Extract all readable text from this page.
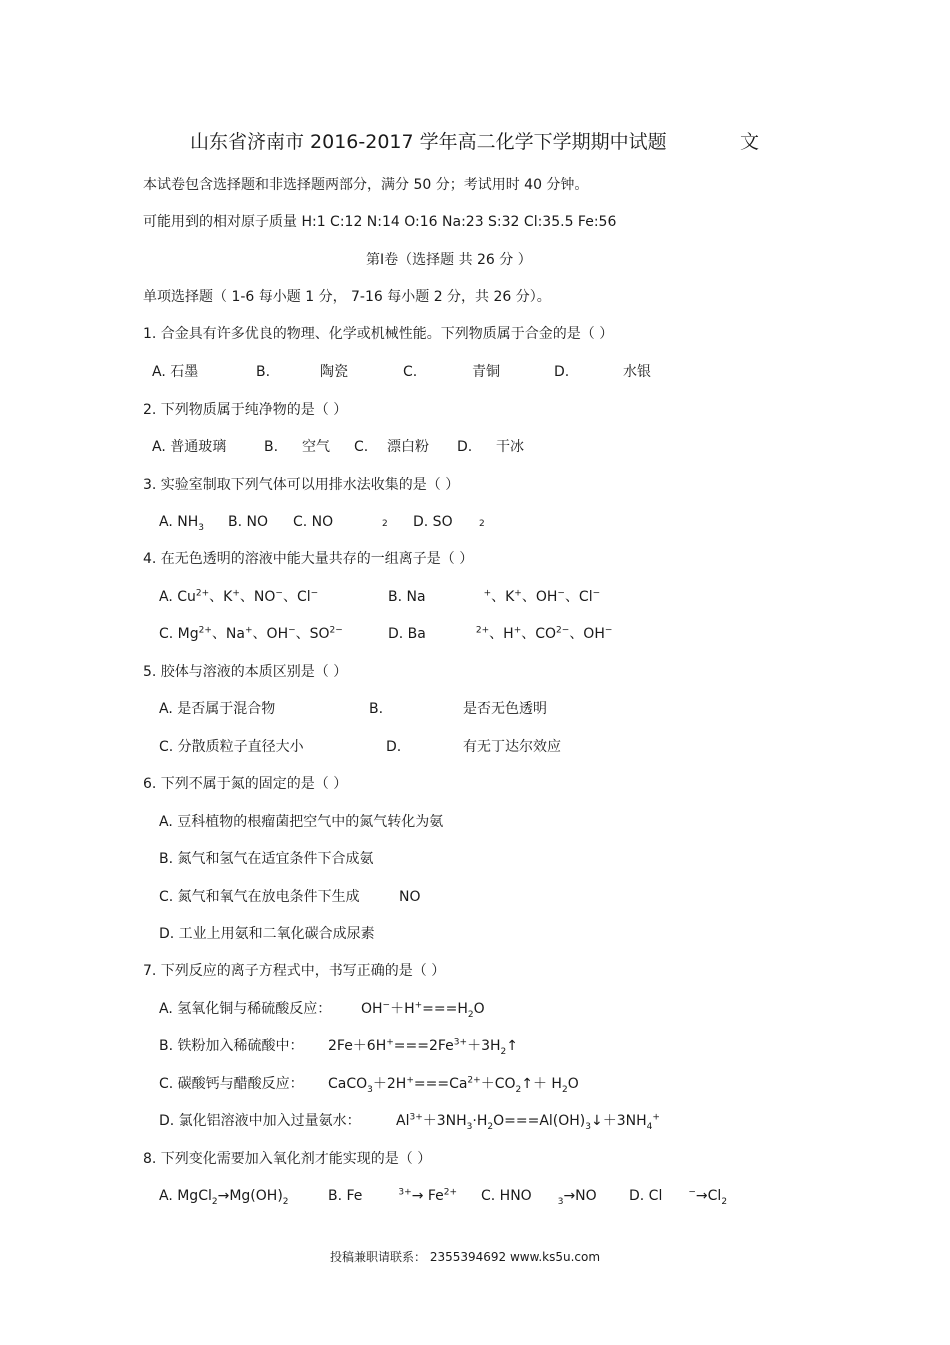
山东省济南市 2016-2017 学年高二化学下学期期中试题	文
本试卷包含选择题和非选择题两部分，满分 50 分；考试用时 40 分钟。
可能用到的相对原子质量 H:1 C:12 N:14 O:16 Na:23 S:32 Cl:35.5 Fe:56
第Ⅰ卷（选择题 共 26 分 ）
单项选择题（ 1-6 每小题 1 分， 7-16 每小题 2 分，共 26 分）。
1. 合金具有许多优良的物理、化学或机械性能。下列物质属于合金的是（ ）
A. 石墨	B.	陶瓷	C.	青铜	D.	水银
2. 下列物质属于纯净物的是（ ）
A. 普通玻璃	B. 空气 C. 漂白粉 D. 干冰
3. 实验室制取下列气体可以用排水法收集的是（ ）
A. $NH_3$ B. NO C. NO	2 D. SO	2
4. 在无色透明的溶液中能大量共存的一组离子是（ ）
A. $Cu^{2+}$、K+、NO−、Cl−	B. Na	+、K+、OH−、Cl−
C. $Mg^{2+}$、Na+、OH−、$SO^{2-}$	D. Ba	$^{2+}$、H+、$CO^{2-}$、OH−
5. 胶体与溶液的本质区别是（ ）
A. 是否属于混合物	B.	是否无色透明
C. 分散质粒子直径大小	D.	有无丁达尔效应
6. 下列不属于氮的固定的是（ ）
A. 豆科植物的根瘤菌把空气中的氮气转化为氨
B. 氮气和氢气在适宜条件下合成氨
C. 氮气和氧气在放电条件下生成	NO
D. 工业上用氨和二氧化碳合成尿素
7. 下列反应的离子方程式中，书写正确的是（ ）
A. 氢氧化铜与稀硫酸反应： $OH^-+H^+===H_2O$
B. 铁粉加入稀硫酸中： $2Fe+6H^+===2Fe^{3+}+3H_2↑$
C. 碳酸钙与醋酸反应： $CaCO_3+2H^+===Ca^{2+}+CO_2↑+ H_2O$
D. 氯化铝溶液中加入过量氨水：	$Al^{3+}+3NH_3\cdot H_2O===Al(OH)_3↓+3NH_4^+$
8. 下列变化需要加入氧化剂才能实现的是（ ）
A. $MgCl_2\to Mg(OH)_2$	B. Fe	$^{3+}\to Fe^{2+}$ C. HNO	$_3$→NO D. Cl	$^-\to Cl_2$
投稿兼职请联系： 2355394692 www.ks5u.com
